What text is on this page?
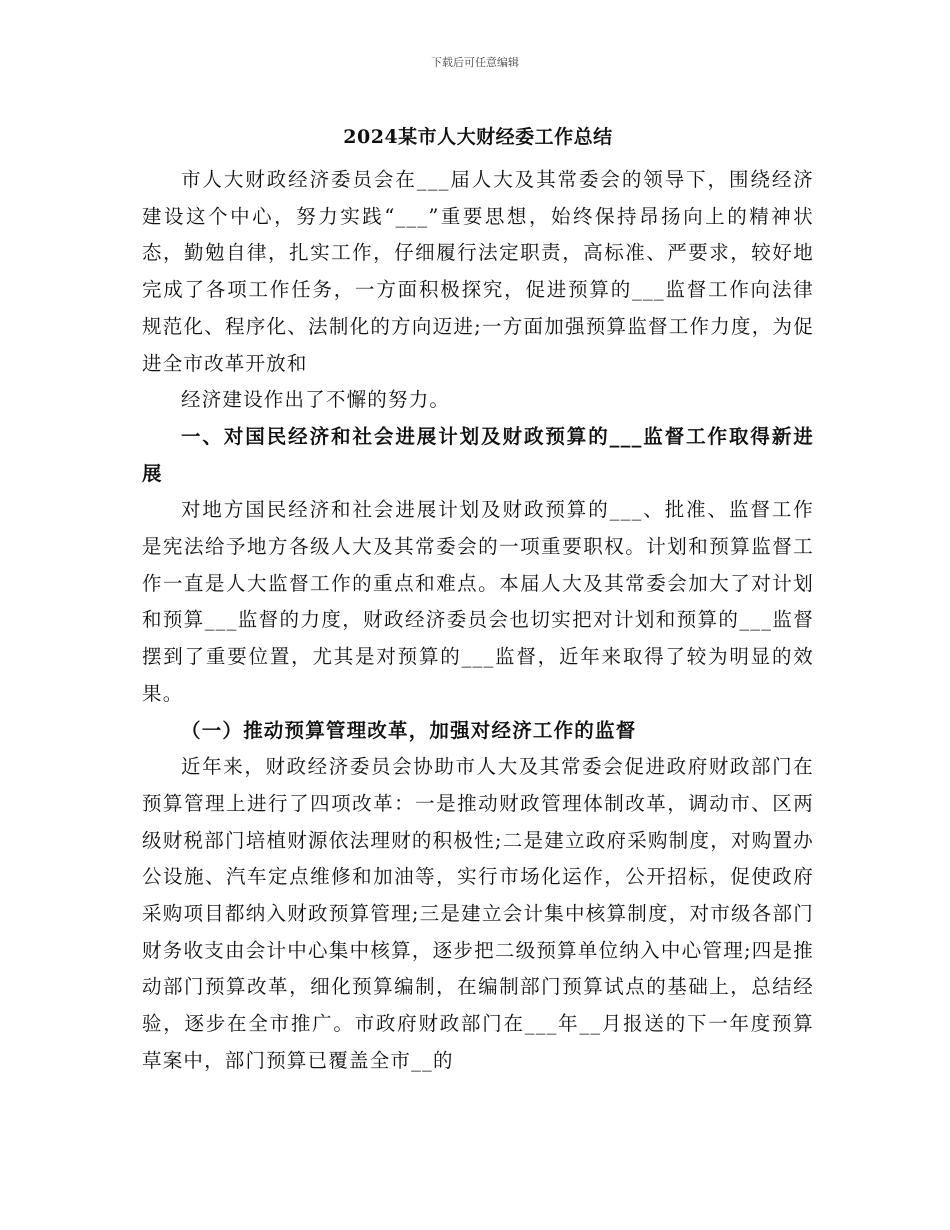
下载后可任意编辑
2024某市人大财经委工作总结

市人大财政经济委员会在___届人大及其常委会的领导下，围绕经济建设这个中心，努力实践“___”重要思想，始终保持昂扬向上的精神状态，勤勉自律，扎实工作，仔细履行法定职责，高标准、严要求，较好地完成了各项工作任务，一方面积极探究，促进预算的___监督工作向法律规范化、程序化、法制化的方向迈进;一方面加强预算监督工作力度，为促进全市改革开放和

经济建设作出了不懈的努力。

一、对国民经济和社会进展计划及财政预算的___监督工作取得新进展

对地方国民经济和社会进展计划及财政预算的___、批准、监督工作是宪法给予地方各级人大及其常委会的一项重要职权。计划和预算监督工作一直是人大监督工作的重点和难点。本届人大及其常委会加大了对计划和预算___监督的力度，财政经济委员会也切实把对计划和预算的___监督摆到了重要位置，尤其是对预算的___监督，近年来取得了较为明显的效果。

（一）推动预算管理改革，加强对经济工作的监督

近年来，财政经济委员会协助市人大及其常委会促进政府财政部门在预算管理上进行了四项改革：一是推动财政管理体制改革，调动市、区两级财税部门培植财源依法理财的积极性;二是建立政府采购制度，对购置办公设施、汽车定点维修和加油等，实行市场化运作，公开招标，促使政府采购项目都纳入财政预算管理;三是建立会计集中核算制度，对市级各部门财务收支由会计中心集中核算，逐步把二级预算单位纳入中心管理;四是推动部门预算改革，细化预算编制，在编制部门预算试点的基础上，总结经验，逐步在全市推广。市政府财政部门在___年__月报送的下一年度预算草案中，部门预算已覆盖全市__的
